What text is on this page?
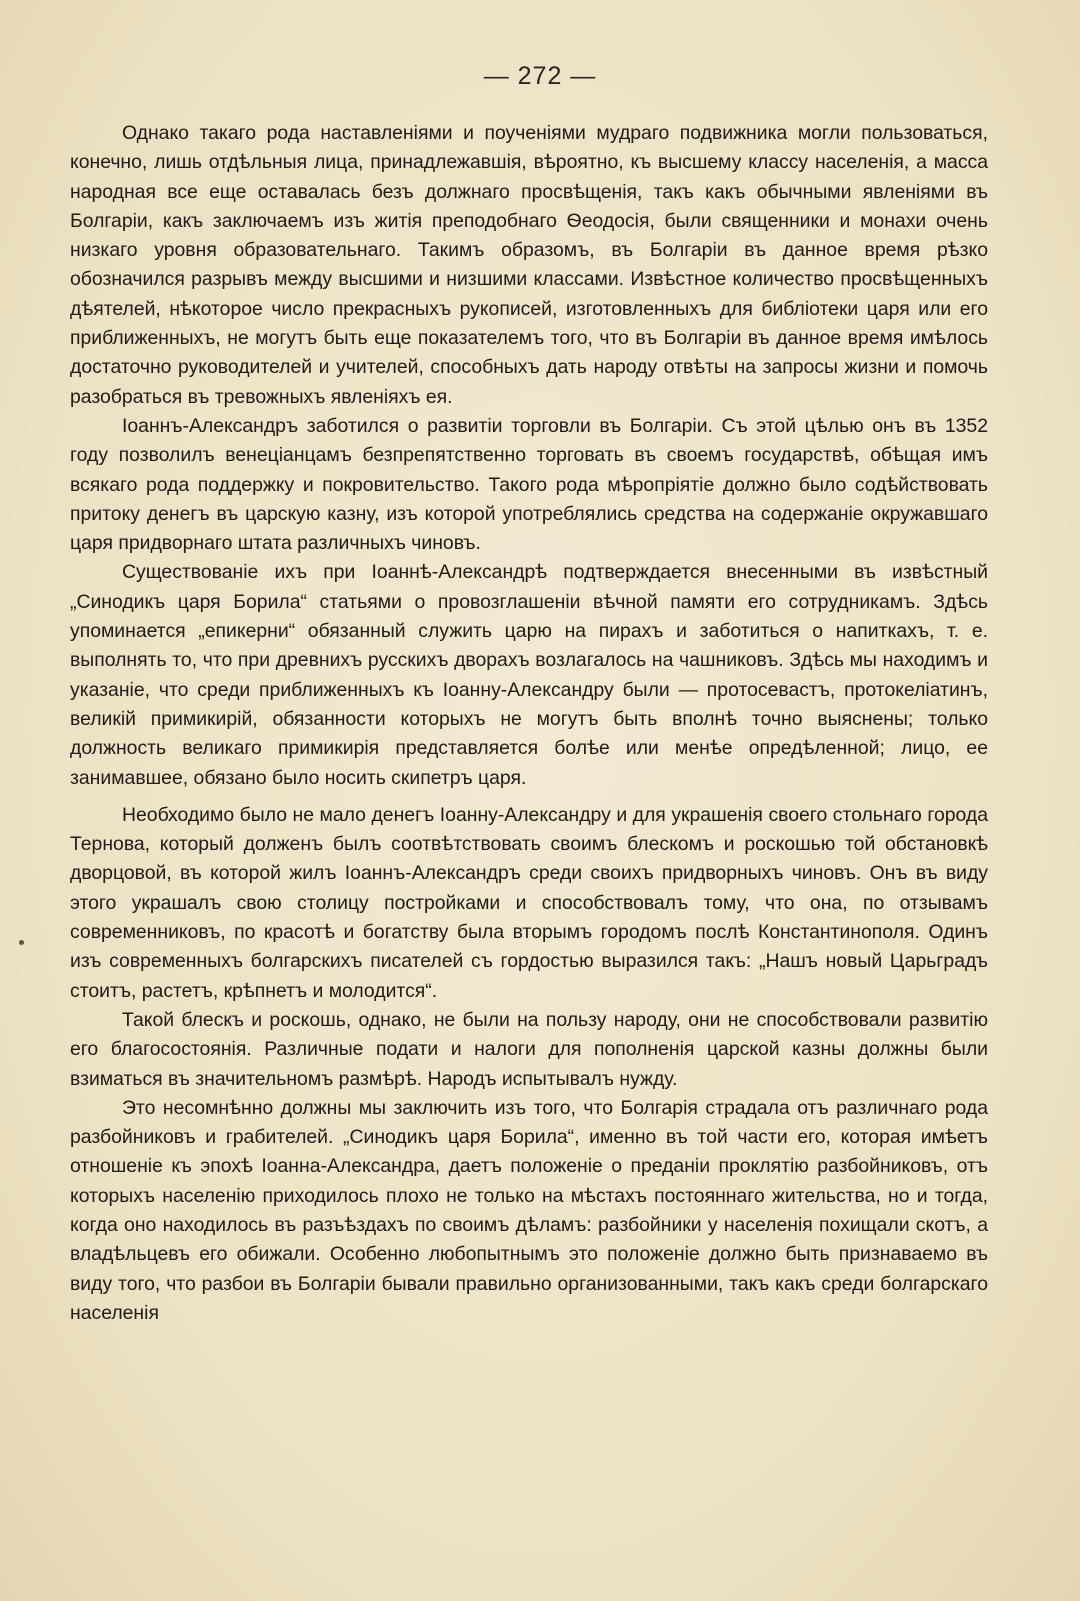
— 272 —

Однако такаго рода наставленіями и поученіями мудраго подвижника могли пользоваться, конечно, лишь отдѣльныя лица, принадлежавшія, вѣроятно, къ высшему классу населенія, а масса народная все еще оставалась безъ должнаго просвѣщенія, такъ какъ обычными явленіями въ Болгаріи, какъ заключаемъ изъ житія преподобнаго Ѳеодосія, были священники и монахи очень низкаго уровня образовательнаго. Такимъ образомъ, въ Болгаріи въ данное время рѣзко обозначился разрывъ между высшими и низшими классами. Извѣстное количество просвѣщенныхъ дѣятелей, нѣкоторое число прекрасныхъ рукописей, изготовленныхъ для библіотеки царя или его приближенныхъ, не могутъ быть еще показателемъ того, что въ Болгаріи въ данное время имѣлось достаточно руководителей и учителей, способныхъ дать народу отвѣты на запросы жизни и помочь разобраться въ тревожныхъ явленіяхъ ея.

Іоаннъ-Александръ заботился о развитіи торговли въ Болгаріи. Съ этой цѣлью онъ въ 1352 году позволилъ венеціанцамъ безпрепятственно торговать въ своемъ государствѣ, обѣщая имъ всякаго рода поддержку и покровительство. Такого рода мѣропріятіе должно было содѣйствовать притоку денегъ въ царскую казну, изъ которой употреблялись средства на содержаніе окружавшаго царя придворнаго штата различныхъ чиновъ.

Существованіе ихъ при Іоаннѣ-Александрѣ подтверждается внесенными въ извѣстный „Синодикъ царя Борила“ статьями о провозглашеніи вѣчной памяти его сотрудникамъ. Здѣсь упоминается „епикерни“ обязанный служить царю на пирахъ и заботиться о напиткахъ, т. е. выполнять то, что при древнихъ русскихъ дворахъ возлагалось на чашниковъ. Здѣсь мы находимъ и указаніе, что среди приближенныхъ къ Іоанну-Александру были — протосевастъ, протокеліатинъ, великій примикирій, обязанности которыхъ не могутъ быть вполнѣ точно выяснены; только должность великаго примикирія представляется болѣе или менѣе опредѣленной; лицо, ее занимавшее, обязано было носить скипетръ царя.

Необходимо было не мало денегъ Іоанну-Александру и для украшенія своего стольнаго города Тернова, который долженъ былъ соотвѣтствовать своимъ блескомъ и роскошью той обстановкѣ дворцовой, въ которой жилъ Іоаннъ-Александръ среди своихъ придворныхъ чиновъ. Онъ въ виду этого украшалъ свою столицу постройками и способствовалъ тому, что она, по отзывамъ современниковъ, по красотѣ и богатству была вторымъ городомъ послѣ Константинополя. Одинъ изъ современныхъ болгарскихъ писателей съ гордостью выразился такъ: „Нашъ новый Царьградъ стоитъ, растетъ, крѣпнетъ и молодится“.

Такой блескъ и роскошь, однако, не были на пользу народу, они не способствовали развитію его благосостоянія. Различные подати и налоги для пополненія царской казны должны были взиматься въ значительномъ размѣрѣ. Народъ испытывалъ нужду.

Это несомнѣнно должны мы заключить изъ того, что Болгарія страдала отъ различнаго рода разбойниковъ и грабителей. „Синодикъ царя Борила“, именно въ той части его, которая имѣетъ отношеніе къ эпохѣ Іоанна-Александра, даетъ положеніе о преданіи проклятію разбойниковъ, отъ которыхъ населенію приходилось плохо не только на мѣстахъ постояннаго жительства, но и тогда, когда оно находилось въ разъѣздахъ по своимъ дѣламъ: разбойники у населенія похищали скотъ, а владѣльцевъ его обижали. Особенно любопытнымъ это положеніе должно быть признаваемо въ виду того, что разбои въ Болгаріи бывали правильно организованными, такъ какъ среди болгарскаго населенія
